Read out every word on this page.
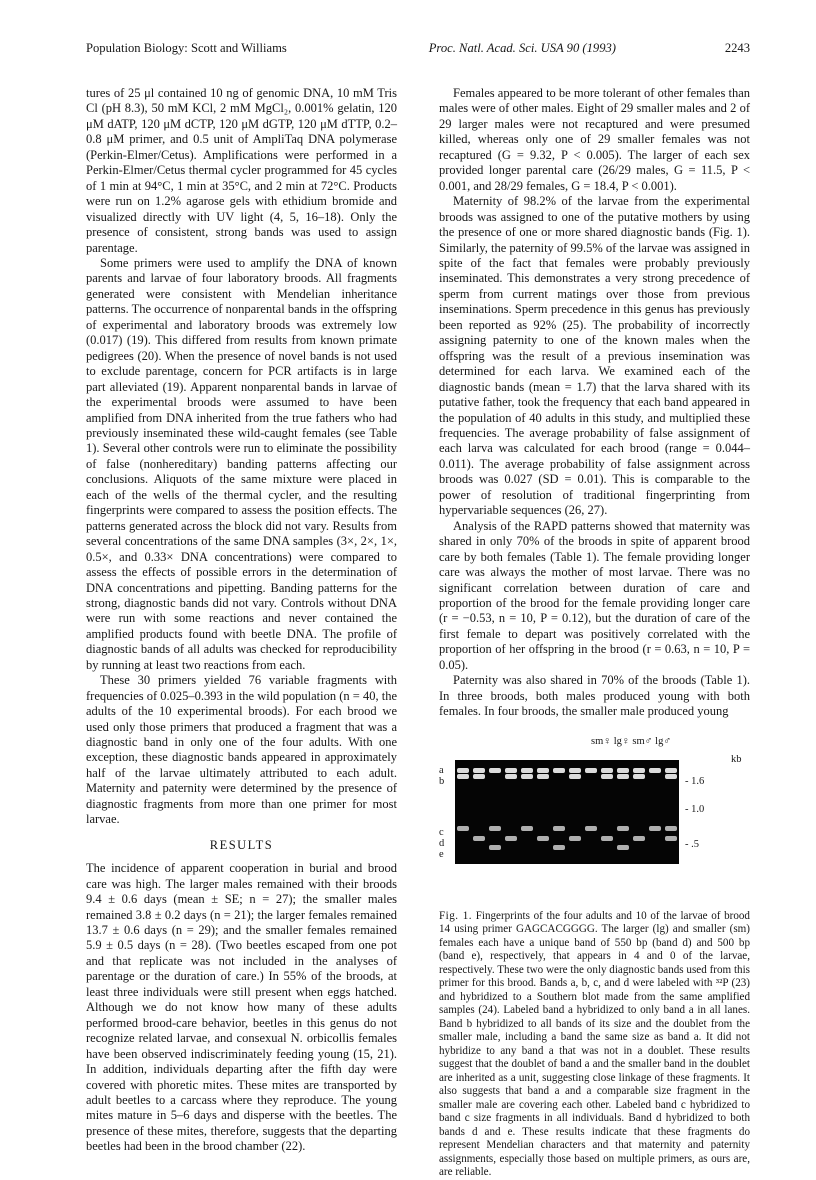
Population Biology: Scott and Williams	Proc. Natl. Acad. Sci. USA 90 (1993)	2243

tures of 25 μl contained 10 ng of genomic DNA, 10 mM Tris Cl (pH 8.3), 50 mM KCl, 2 mM MgCl₂, 0.001% gelatin, 120 μM dATP, 120 μM dCTP, 120 μM dGTP, 120 μM dTTP, 0.2–0.8 μM primer, and 0.5 unit of AmpliTaq DNA polymerase (Perkin-Elmer/Cetus). Amplifications were performed in a Perkin-Elmer/Cetus thermal cycler programmed for 45 cycles of 1 min at 94°C, 1 min at 35°C, and 2 min at 72°C. Products were run on 1.2% agarose gels with ethidium bromide and visualized directly with UV light (4, 5, 16–18). Only the presence of consistent, strong bands was used to assign parentage.

Some primers were used to amplify the DNA of known parents and larvae of four laboratory broods. All fragments generated were consistent with Mendelian inheritance patterns. The occurrence of nonparental bands in the offspring of experimental and laboratory broods was extremely low (0.017) (19). This differed from results from known primate pedigrees (20). When the presence of novel bands is not used to exclude parentage, concern for PCR artifacts is in large part alleviated (19). Apparent nonparental bands in larvae of the experimental broods were assumed to have been amplified from DNA inherited from the true fathers who had previously inseminated these wild-caught females (see Table 1). Several other controls were run to eliminate the possibility of false (nonhereditary) banding patterns affecting our conclusions. Aliquots of the same mixture were placed in each of the wells of the thermal cycler, and the resulting fingerprints were compared to assess the position effects. The patterns generated across the block did not vary. Results from several concentrations of the same DNA samples (3×, 2×, 1×, 0.5×, and 0.33× DNA concentrations) were compared to assess the effects of possible errors in the determination of DNA concentrations and pipetting. Banding patterns for the strong, diagnostic bands did not vary. Controls without DNA were run with some reactions and never contained the amplified products found with beetle DNA. The profile of diagnostic bands of all adults was checked for reproducibility by running at least two reactions from each.

These 30 primers yielded 76 variable fragments with frequencies of 0.025–0.393 in the wild population (n = 40, the adults of the 10 experimental broods). For each brood we used only those primers that produced a fragment that was a diagnostic band in only one of the four adults. With one exception, these diagnostic bands appeared in approximately half of the larvae ultimately attributed to each adult. Maternity and paternity were determined by the presence of diagnostic fragments from more than one primer for most larvae.

RESULTS

The incidence of apparent cooperation in burial and brood care was high. The larger males remained with their broods 9.4 ± 0.6 days (mean ± SE; n = 27); the smaller males remained 3.8 ± 0.2 days (n = 21); the larger females remained 13.7 ± 0.6 days (n = 29); and the smaller females remained 5.9 ± 0.5 days (n = 28). (Two beetles escaped from one pot and that replicate was not included in the analyses of parentage or the duration of care.) In 55% of the broods, at least three individuals were still present when eggs hatched. Although we do not know how many of these adults performed brood-care behavior, beetles in this genus do not recognize related larvae, and consexual N. orbicollis females have been observed indiscriminately feeding young (15, 21). In addition, individuals departing after the fifth day were covered with phoretic mites. These mites are transported by adult beetles to a carcass where they reproduce. The young mites mature in 5–6 days and disperse with the beetles. The presence of these mites, therefore, suggests that the departing beetles had been in the brood chamber (22).

Females appeared to be more tolerant of other females than males were of other males. Eight of 29 smaller males and 2 of 29 larger males were not recaptured and were presumed killed, whereas only one of 29 smaller females was not recaptured (G = 9.32, P < 0.005). The larger of each sex provided longer parental care (26/29 males, G = 11.5, P < 0.001, and 28/29 females, G = 18.4, P < 0.001).

Maternity of 98.2% of the larvae from the experimental broods was assigned to one of the putative mothers by using the presence of one or more shared diagnostic bands (Fig. 1). Similarly, the paternity of 99.5% of the larvae was assigned in spite of the fact that females were probably previously inseminated. This demonstrates a very strong precedence of sperm from current matings over those from previous inseminations. Sperm precedence in this genus has previously been reported as 92% (25). The probability of incorrectly assigning paternity to one of the known males when the offspring was the result of a previous insemination was determined for each larva. We examined each of the diagnostic bands (mean = 1.7) that the larva shared with its putative father, took the frequency that each band appeared in the population of 40 adults in this study, and multiplied these frequencies. The average probability of false assignment of each larva was calculated for each brood (range = 0.044–0.011). The average probability of false assignment across broods was 0.027 (SD = 0.01). This is comparable to the power of resolution of traditional fingerprinting from hypervariable sequences (26, 27).

Analysis of the RAPD patterns showed that maternity was shared in only 70% of the broods in spite of apparent brood care by both females (Table 1). The female providing longer care was always the mother of most larvae. There was no significant correlation between duration of care and proportion of the brood for the female providing longer care (r = −0.53, n = 10, P = 0.12), but the duration of care of the first female to depart was positively correlated with the proportion of her offspring in the brood (r = 0.63, n = 10, P = 0.05).

Paternity was also shared in 70% of the broods (Table 1). In three broods, both males produced young with both females. In four broods, the smaller male produced young

sm♀ lg♀ sm♂ lg♂
kb
a
b
c
d
e
- 1.6
- 1.0
- .5
Fig. 1. Fingerprints of the four adults and 10 of the larvae of brood 14 using primer GAGCACGGGG. The larger (lg) and smaller (sm) females each have a unique band of 550 bp (band d) and 500 bp (band e), respectively, that appears in 4 and 0 of the larvae, respectively. These two were the only diagnostic bands used from this primer for this brood. Bands a, b, c, and d were labeled with ³²P (23) and hybridized to a Southern blot made from the same amplified samples (24). Labeled band a hybridized to only band a in all lanes. Band b hybridized to all bands of its size and the doublet from the smaller male, including a band the same size as band a. It did not hybridize to any band a that was not in a doublet. These results suggest that the doublet of band a and the smaller band in the doublet are inherited as a unit, suggesting close linkage of these fragments. It also suggests that band a and a comparable size fragment in the smaller male are covering each other. Labeled band c hybridized to band c size fragments in all individuals. Band d hybridized to both bands d and e. These results indicate that these fragments do represent Mendelian characters and that maternity and paternity assignments, especially those based on multiple primers, as ours are, are reliable.
